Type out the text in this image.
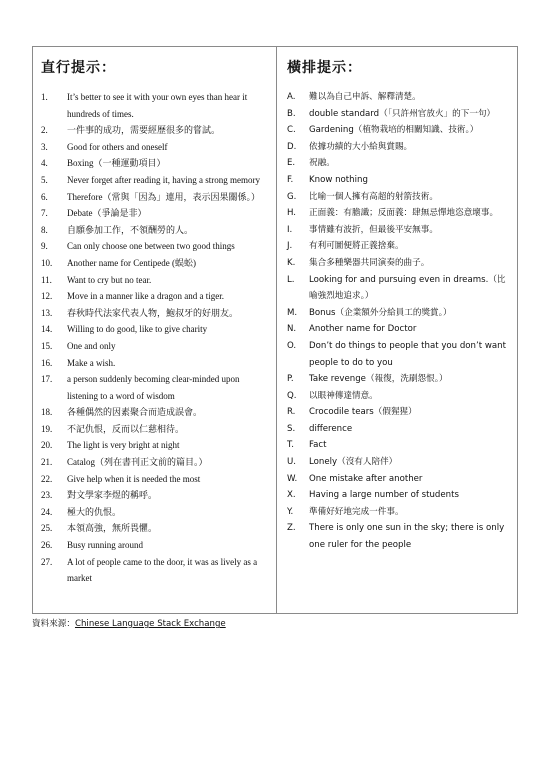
直行提示：
1.	It’s better to see it with your own eyes than hear it hundreds of times.
2.	一件事的成功，需要經歷很多的嘗試。
3.	Good for others and oneself
4.	Boxing（一種運動項目）
5.	Never forget after reading it, having a strong memory
6.	Therefore（常與「因為」連用，表示因果關係。）
7.	Debate（爭論是非）
8.	自願參加工作，不領酬勞的人。
9.	Can only choose one between two good things
10.	Another name for Centipede (蜈蚣)
11.	Want to cry but no tear.
12.	Move in a manner like a dragon and a tiger.
13.	春秋時代法家代表人物，鮑叔牙的好朋友。
14.	Willing to do good, like to give charity
15.	One and only
16.	Make a wish.
17.	a person suddenly becoming clear-minded upon listening to a word of wisdom
18.	各種偶然的因素聚合而造成誤會。
19.	不記仇恨，反而以仁慈相待。
20.	The light is very bright at night
21.	Catalog（列在書刊正文前的篇目。）
22.	Give help when it is needed the most
23.	對文學家李煜的稱呼。
24.	極大的仇恨。
25.	本領高強，無所畏懼。
26.	Busy running around
27.	A lot of people came to the door, it was as lively as a market
橫排提示：
A.	難以為自己申訴、解釋清楚。
B.	double standard（「只許州官放火」的下一句）
C.	Gardening（植物栽培的相關知識、技術。）
D.	依據功績的大小給與賞賜。
E.	祝融。
F.	Know nothing
G.	比喻一個人擁有高超的射箭技術。
H.	正面義：有膽識；反面義：肆無忌憚地恣意壞事。
I.	事情雖有波折，但最後平安無事。
J.	有利可圖便將正義捨棄。
K.	集合多種樂器共同演奏的曲子。
L.	Looking for and pursuing even in dreams.（比喻強烈地追求。）
M.	Bonus（企業額外分給員工的獎賞。）
N.	Another name for Doctor
O.	Don’t do things to people that you don’t want people to do to you
P.	Take revenge（報復，洗刷怨恨。）
Q.	以眼神傳達情意。
R.	Crocodile tears（假猩猩）
S.	difference
T.	Fact
U.	Lonely（沒有人陪伴）
W.	One mistake after another
X.	Having a large number of students
Y.	準備好好地完成一件事。
Z.	There is only one sun in the sky; there is only one ruler for the people
資料來源：Chinese Language Stack Exchange
